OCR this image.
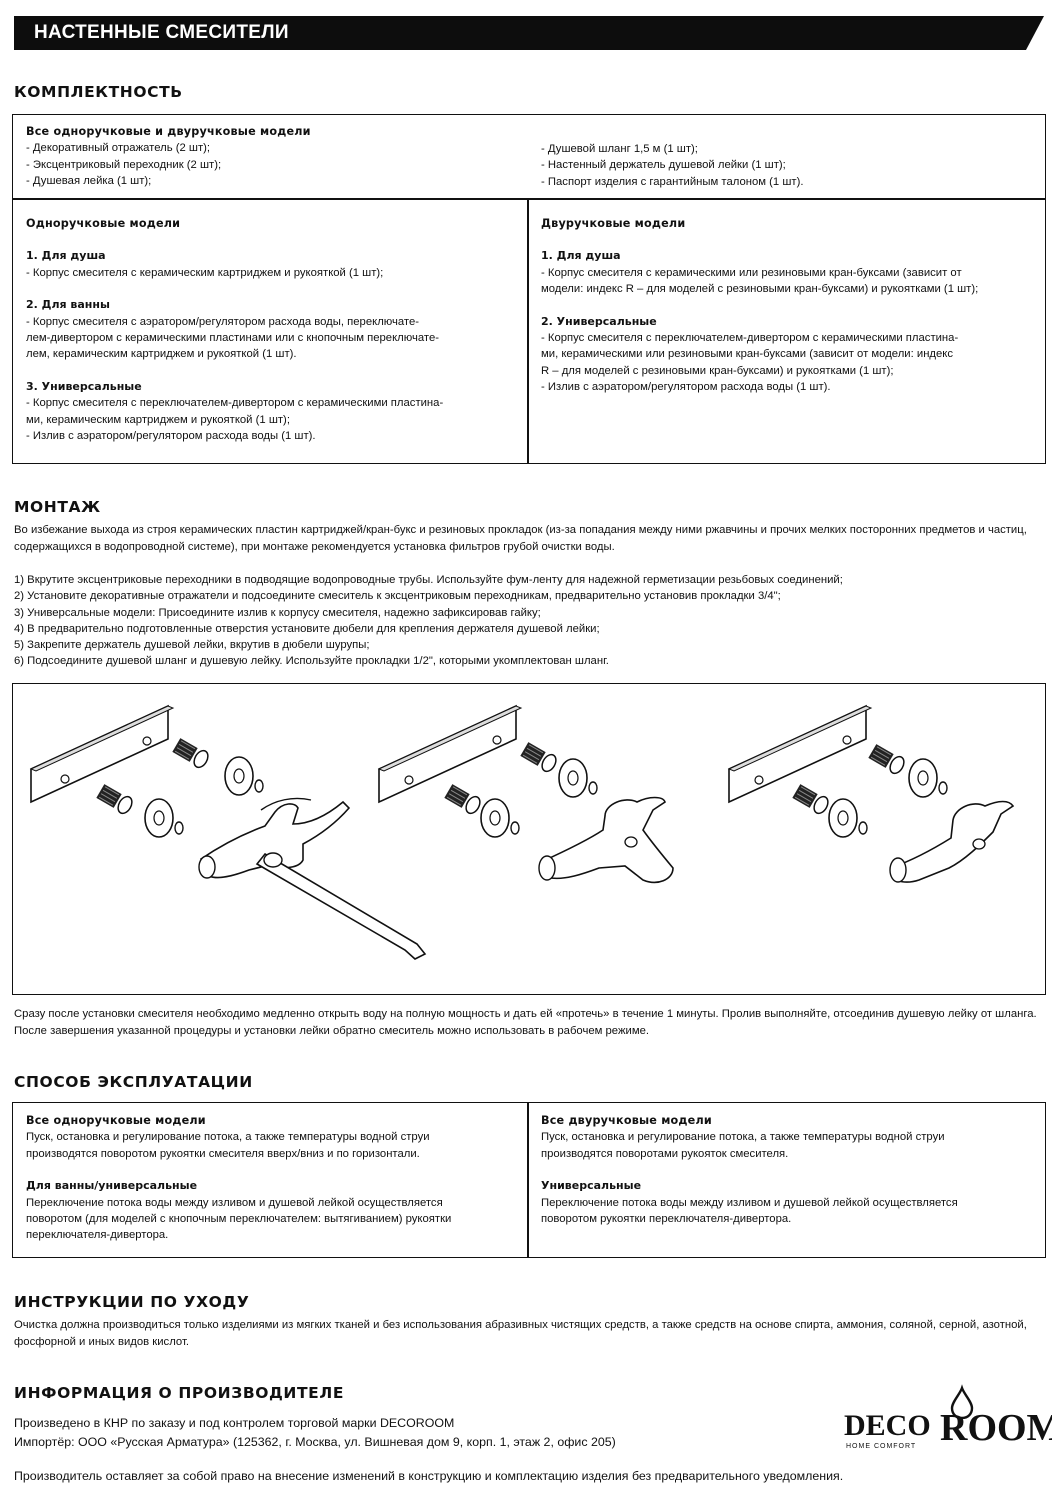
НАСТЕННЫЕ СМЕСИТЕЛИ
КОМПЛЕКТНОСТЬ
Все одноручковые и двуручковые модели
- Декоративный отражатель (2 шт);
- Эксцентриковый переходник (2 шт);
- Душевая лейка (1 шт);
- Душевой шланг 1,5 м (1 шт);
- Настенный держатель душевой лейки (1 шт);
- Паспорт изделия с гарантийным талоном (1 шт).
Одноручковые модели
1. Для душа
- Корпус смесителя с керамическим картриджем и рукояткой (1 шт);
2. Для ванны
- Корпус смесителя с аэратором/регулятором расхода воды, переключате-
лем-дивертором с керамическими пластинами или с кнопочным переключате-
лем, керамическим картриджем и рукояткой (1 шт).
3. Универсальные
- Корпус смесителя с переключателем-дивертором с керамическими пластина-
ми, керамическим картриджем и рукояткой (1 шт);
- Излив с аэратором/регулятором расхода воды (1 шт).
Двуручковые модели
1. Для душа
- Корпус смесителя с керамическими или резиновыми кран-буксами (зависит от
модели: индекс R – для моделей с резиновыми кран-буксами) и рукоятками (1 шт);
2. Универсальные
- Корпус смесителя с переключателем-дивертором с керамическими пластина-
ми, керамическими или резиновыми кран-буксами (зависит от модели: индекс
R – для моделей с резиновыми кран-буксами) и рукоятками (1 шт);
- Излив с аэратором/регулятором расхода воды (1 шт).
МОНТАЖ
Во избежание выхода из строя керамических пластин картриджей/кран-букс и резиновых прокладок (из-за попадания между ними ржавчины и прочих мелких посторонних предметов и частиц, содержащихся в водопроводной системе), при монтаже рекомендуется установка фильтров грубой очистки воды.
1) Вкрутите эксцентриковые переходники в подводящие водопроводные трубы. Используйте фум-ленту для надежной герметизации резьбовых соединений;
2) Установите декоративные отражатели и подсоедините смеситель к эксцентриковым переходникам, предварительно установив прокладки 3/4";
3) Универсальные модели: Присоедините излив к корпусу смесителя, надежно зафиксировав гайку;
4) В предварительно подготовленные отверстия установите дюбели для крепления держателя душевой лейки;
5) Закрепите держатель душевой лейки, вкрутив в дюбели шурупы;
6) Подсоедините душевой шланг и душевую лейку. Используйте прокладки 1/2", которыми укомплектован шланг.
Сразу после установки смесителя необходимо медленно открыть воду на полную мощность и дать ей «протечь» в течение 1 минуты. Пролив выполняйте, отсоединив душевую лейку от шланга. После завершения указанной процедуры и установки лейки обратно смеситель можно использовать в рабочем режиме.
СПОСОБ ЭКСПЛУАТАЦИИ
Все одноручковые модели
Пуск, остановка и регулирование потока, а также температуры водной струи
производятся поворотом рукоятки смесителя вверх/вниз и по горизонтали.
Для ванны/универсальные
Переключение потока воды между изливом и душевой лейкой осуществляется
поворотом (для моделей с кнопочным переключателем: вытягиванием) рукоятки
переключателя-дивертора.
Все двуручковые модели
Пуск, остановка и регулирование потока, а также температуры водной струи
производятся поворотами рукояток смесителя.
Универсальные
Переключение потока воды между изливом и душевой лейкой осуществляется
поворотом рукоятки переключателя-дивертора.
ИНСТРУКЦИИ ПО УХОДУ
Очистка должна производиться только изделиями из мягких тканей и без использования абразивных чистящих средств, а также средств на основе спирта, аммония, соляной, серной, азотной, фосфорной и иных видов кислот.
ИНФОРМАЦИЯ О ПРОИЗВОДИТЕЛЕ
Произведено в КНР по заказу и под контролем торговой марки DECOROOM
Импортёр: ООО «Русская Арматура» (125362, г. Москва, ул. Вишневая дом 9, корп. 1, этаж 2, офис 205)
Производитель оставляет за собой право на внесение изменений в конструкцию и комплектацию изделия без предварительного уведомления.
DECO ROOM
HOME COMFORT
